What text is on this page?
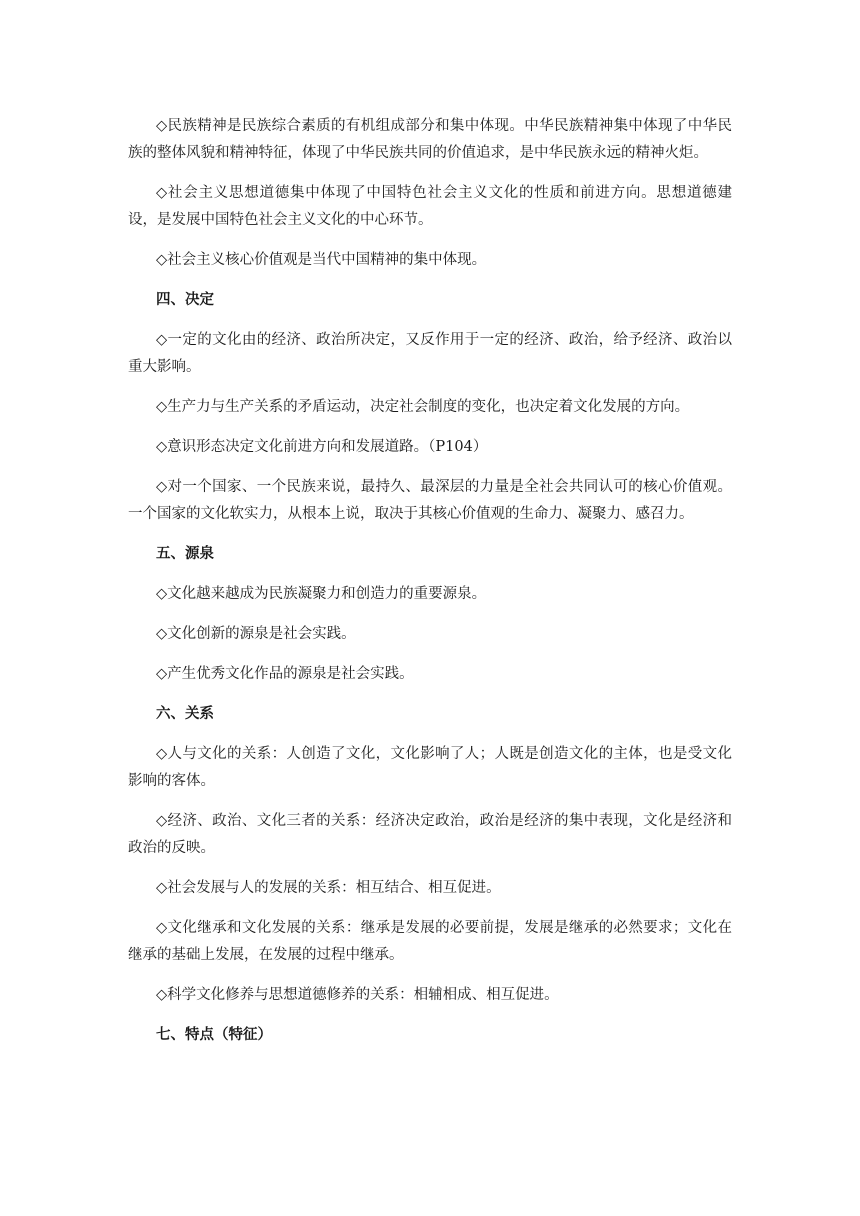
◇民族精神是民族综合素质的有机组成部分和集中体现。中华民族精神集中体现了中华民族的整体风貌和精神特征，体现了中华民族共同的价值追求，是中华民族永远的精神火炬。

◇社会主义思想道德集中体现了中国特色社会主义文化的性质和前进方向。思想道德建设，是发展中国特色社会主义文化的中心环节。

◇社会主义核心价值观是当代中国精神的集中体现。

四、决定

◇一定的文化由的经济、政治所决定，又反作用于一定的经济、政治，给予经济、政治以重大影响。

◇生产力与生产关系的矛盾运动，决定社会制度的变化，也决定着文化发展的方向。

◇意识形态决定文化前进方向和发展道路。（P104）

◇对一个国家、一个民族来说，最持久、最深层的力量是全社会共同认可的核心价值观。一个国家的文化软实力，从根本上说，取决于其核心价值观的生命力、凝聚力、感召力。

五、源泉

◇文化越来越成为民族凝聚力和创造力的重要源泉。

◇文化创新的源泉是社会实践。

◇产生优秀文化作品的源泉是社会实践。

六、关系

◇人与文化的关系：人创造了文化，文化影响了人；人既是创造文化的主体，也是受文化影响的客体。

◇经济、政治、文化三者的关系：经济决定政治，政治是经济的集中表现，文化是经济和政治的反映。

◇社会发展与人的发展的关系：相互结合、相互促进。

◇文化继承和文化发展的关系：继承是发展的必要前提，发展是继承的必然要求；文化在继承的基础上发展，在发展的过程中继承。

◇科学文化修养与思想道德修养的关系：相辅相成、相互促进。

七、特点（特征）
